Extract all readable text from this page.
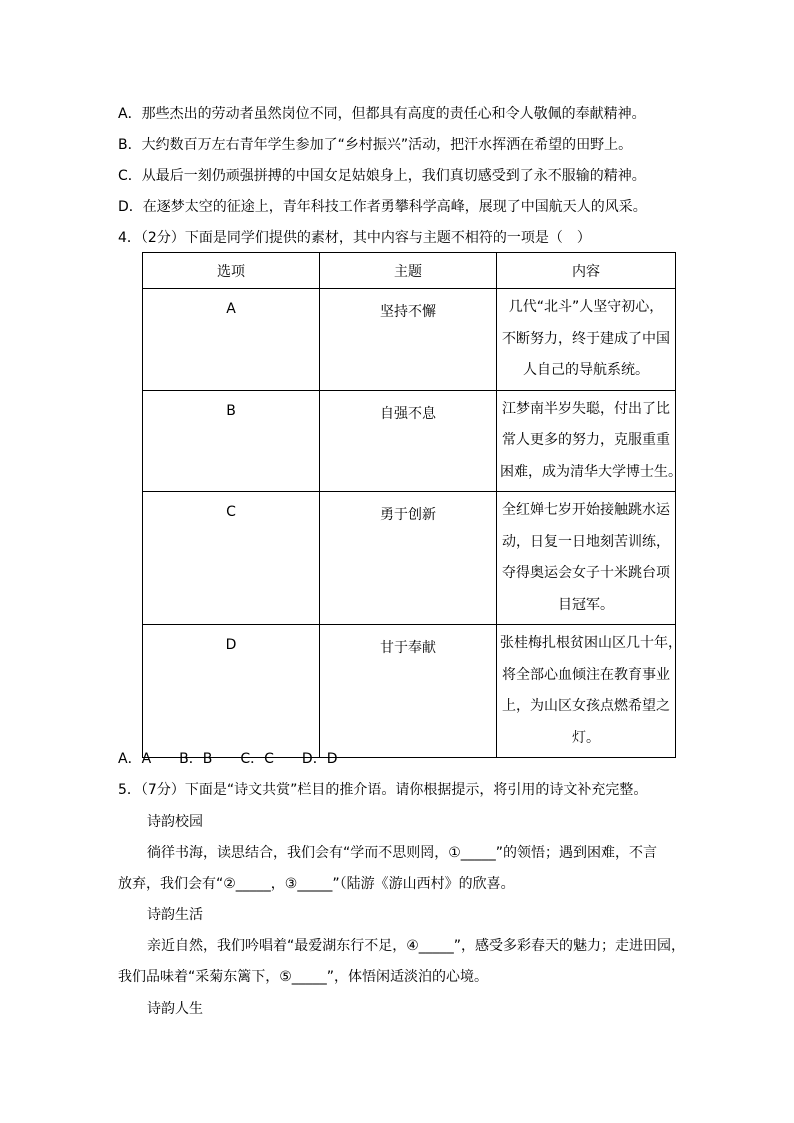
A．那些杰出的劳动者虽然岗位不同，但都具有高度的责任心和令人敬佩的奉献精神。
B．大约数百万左右青年学生参加了“乡村振兴”活动，把汗水挥洒在希望的田野上。
C．从最后一刻仍顽强拼搏的中国女足姑娘身上，我们真切感受到了永不服输的精神。
D．在逐梦太空的征途上，青年科技工作者勇攀科学高峰，展现了中国航天人的风采。
4．（2分）下面是同学们提供的素材，其中内容与主题不相符的一项是（　）
选项	主题	内容
A	坚持不懈	几代“北斗”人坚守初心，
不断努力，终于建成了中国
人自己的导航系统。

B	自强不息	江梦南半岁失聪，付出了比
常人更多的努力，克服重重
困难，成为清华大学博士生。

C	勇于创新	全红婵七岁开始接触跳水运
动，日复一日地刻苦训练，
夺得奥运会女子十米跳台项
目冠军。

D	甘于奉献	张桂梅扎根贫困山区几十年，
将全部心血倾注在教育事业
上，为山区女孩点燃希望之
灯。
A．A　　B．B　　C．C　　D．D
5．（7分）下面是“诗文共赏”栏目的推介语。请你根据提示，将引用的诗文补充完整。
诗韵校园
徜徉书海，读思结合，我们会有“学而不思则罔，①_____”的领悟；遇到困难，不言
放弃，我们会有“②_____，③_____”（陆游《游山西村》的欣喜。
诗韵生活
亲近自然，我们吟唱着“最爱湖东行不足，④_____”，感受多彩春天的魅力；走进田园，
我们品味着“采菊东篱下，⑤_____”，体悟闲适淡泊的心境。
诗韵人生
